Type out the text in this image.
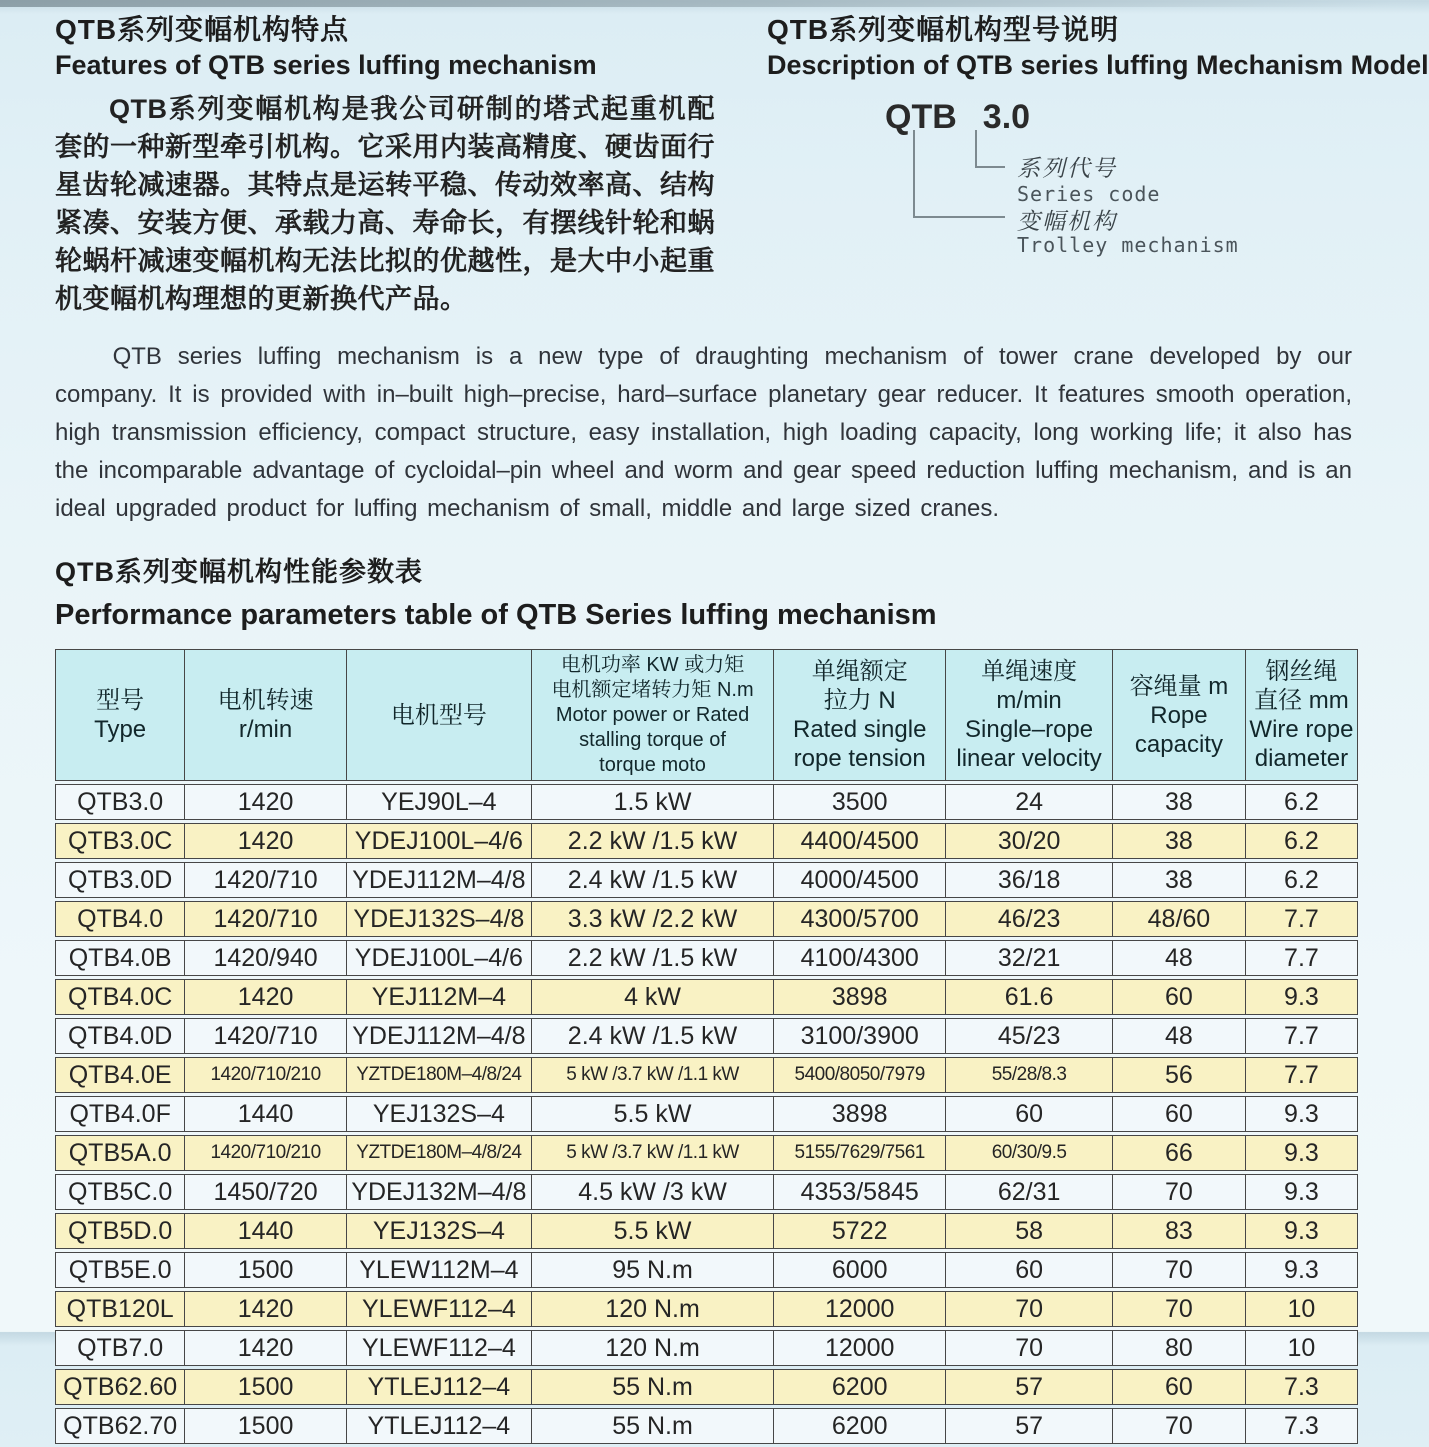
QTB系列变幅机构特点
Features of QTB series luffing mechanism
QTB系列变幅机构是我公司研制的塔式起重机配套的一种新型牵引机构。它采用内装高精度、硬齿面行星齿轮减速器。其特点是运转平稳、传动效率高、结构紧凑、安装方便、承载力高、寿命长，有摆线针轮和蜗轮蜗杆减速变幅机构无法比拟的优越性，是大中小起重机变幅机构理想的更新换代产品。
QTB系列变幅机构型号说明
Description of QTB series luffing Mechanism Model
QTB 3.0
系列代号
Series code
变幅机构
Trolley mechanism
QTB series luffing mechanism is a new type of draughting mechanism of tower crane developed by our company. It is provided with in–built high–precise, hard–surface planetary gear reducer. It features smooth operation, high transmission efficiency, compact structure, easy installation, high loading capacity, long working life; it also has the incomparable advantage of cycloidal–pin wheel and worm and gear speed reduction luffing mechanism, and is an ideal upgraded product for luffing mechanism of small, middle and large sized cranes.
QTB系列变幅机构性能参数表
Performance parameters table of QTB Series luffing mechanism
型号
Type	电机转速
r/min	电机型号	电机功率 KW 或力矩
电机额定堵转力矩 N.m
Motor power or Rated
stalling torque of
torque moto	单绳额定
拉力 N
Rated single
rope tension	单绳速度
m/min
Single–rope
linear velocity	容绳量 m
Rope
capacity	钢丝绳
直径 mm
Wire rope
diameter
QTB3.0	1420	YEJ90L–4	1.5 kW	3500	24	38	6.2
QTB3.0C	1420	YDEJ100L–4/6	2.2 kW /1.5 kW	4400/4500	30/20	38	6.2
QTB3.0D	1420/710	YDEJ112M–4/8	2.4 kW /1.5 kW	4000/4500	36/18	38	6.2
QTB4.0	1420/710	YDEJ132S–4/8	3.3 kW /2.2 kW	4300/5700	46/23	48/60	7.7
QTB4.0B	1420/940	YDEJ100L–4/6	2.2 kW /1.5 kW	4100/4300	32/21	48	7.7
QTB4.0C	1420	YEJ112M–4	4 kW	3898	61.6	60	9.3
QTB4.0D	1420/710	YDEJ112M–4/8	2.4 kW /1.5 kW	3100/3900	45/23	48	7.7
QTB4.0E	1420/710/210	YZTDE180M–4/8/24	5 kW /3.7 kW /1.1 kW	5400/8050/7979	55/28/8.3	56	7.7
QTB4.0F	1440	YEJ132S–4	5.5 kW	3898	60	60	9.3
QTB5A.0	1420/710/210	YZTDE180M–4/8/24	5 kW /3.7 kW /1.1 kW	5155/7629/7561	60/30/9.5	66	9.3
QTB5C.0	1450/720	YDEJ132M–4/8	4.5 kW /3 kW	4353/5845	62/31	70	9.3
QTB5D.0	1440	YEJ132S–4	5.5 kW	5722	58	83	9.3
QTB5E.0	1500	YLEW112M–4	95 N.m	6000	60	70	9.3
QTB120L	1420	YLEWF112–4	120 N.m	12000	70	70	10
QTB7.0	1420	YLEWF112–4	120 N.m	12000	70	80	10
QTB62.60	1500	YTLEJ112–4	55 N.m	6200	57	60	7.3
QTB62.70	1500	YTLEJ112–4	55 N.m	6200	57	70	7.3
